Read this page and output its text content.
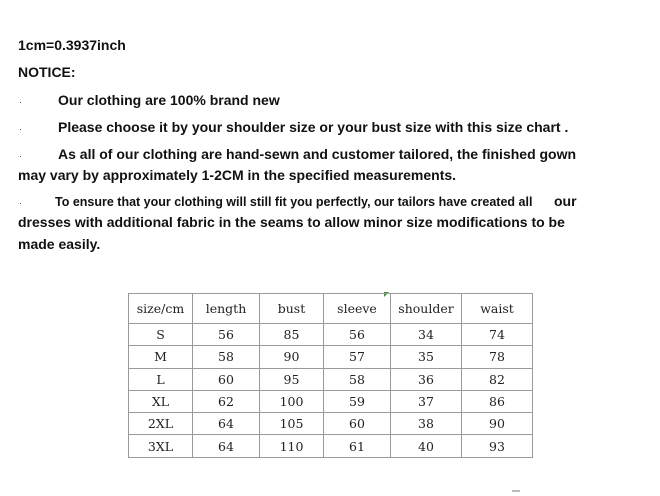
1cm=0.3937inch
NOTICE:
·	Our clothing are 100% brand new
·	Please choose it by your shoulder size or your bust size with this size chart .
·	As all of our clothing are hand-sewn and customer tailored, the finished gown
may vary by approximately 1-2CM in the specified measurements.
·	To ensure that your clothing will still fit you perfectly, our tailors have created all our
dresses with additional fabric in the seams to allow minor size modifications to be
made easily.
size/cm	length	bust	sleeve	shoulder	waist
S	56	85	56	34	74
M	58	90	57	35	78
L	60	95	58	36	82
XL	62	100	59	37	86
2XL	64	105	60	38	90
3XL	64	110	61	40	93
